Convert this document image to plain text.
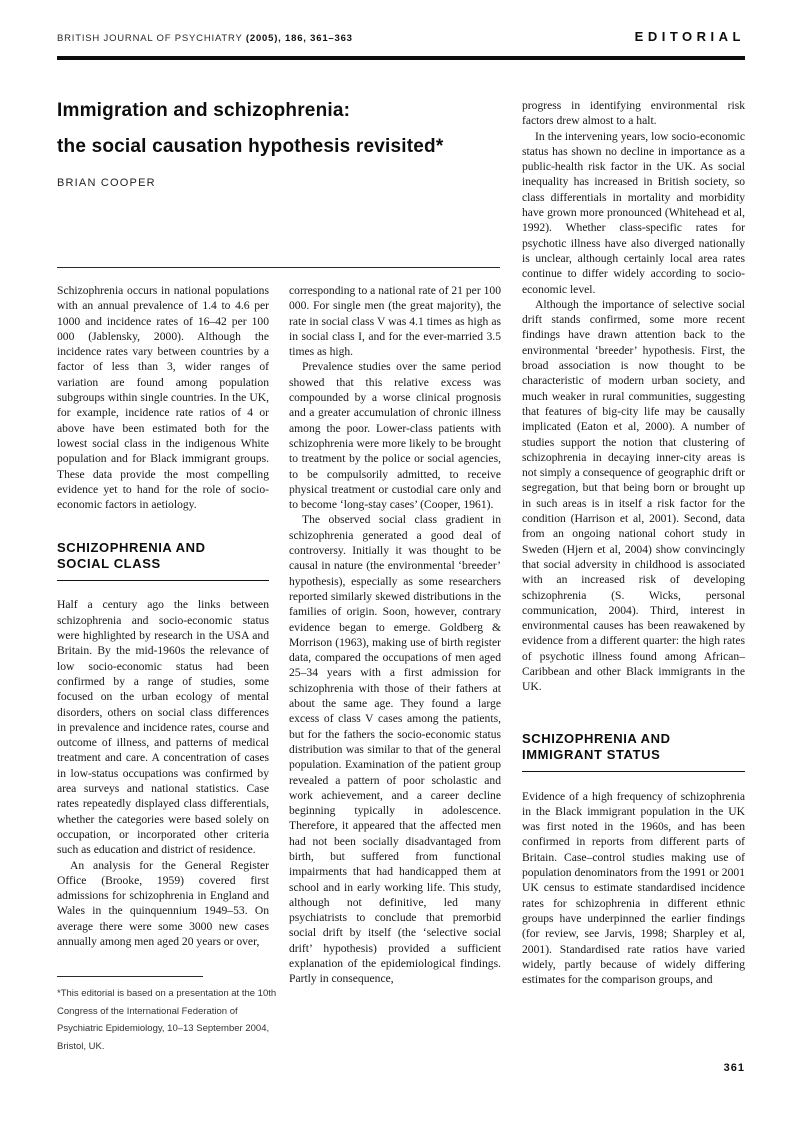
BRITISH JOURNAL OF PSYCHIATRY (2005), 186, 361–363	EDITORIAL
Immigration and schizophrenia:
the social causation hypothesis revisited*
BRIAN COOPER

Schizophrenia occurs in national populations with an annual prevalence of 1.4 to 4.6 per 1000 and incidence rates of 16–42 per 100 000 (Jablensky, 2000). Although the incidence rates vary between countries by a factor of less than 3, wider ranges of variation are found among population subgroups within single countries. In the UK, for example, incidence rate ratios of 4 or above have been estimated both for the lowest social class in the indigenous White population and for Black immigrant groups. These data provide the most compelling evidence yet to hand for the role of socio-economic factors in aetiology.

SCHIZOPHRENIA AND
SOCIAL CLASS

Half a century ago the links between schizophrenia and socio-economic status were highlighted by research in the USA and Britain. By the mid-1960s the relevance of low socio-economic status had been confirmed by a range of studies, some focused on the urban ecology of mental disorders, others on social class differences in prevalence and incidence rates, course and outcome of illness, and patterns of medical treatment and care. A concentration of cases in low-status occupations was confirmed by area surveys and national statistics. Case rates repeatedly displayed class differentials, whether the categories were based solely on occupation, or incorporated other criteria such as education and district of residence.

An analysis for the General Register Office (Brooke, 1959) covered first admissions for schizophrenia in England and Wales in the quinquennium 1949–53. On average there were some 3000 new cases annually among men aged 20 years or over,

corresponding to a national rate of 21 per 100 000. For single men (the great majority), the rate in social class V was 4.1 times as high as in social class I, and for the ever-married 3.5 times as high.

Prevalence studies over the same period showed that this relative excess was compounded by a worse clinical prognosis and a greater accumulation of chronic illness among the poor. Lower-class patients with schizophrenia were more likely to be brought to treatment by the police or social agencies, to be compulsorily admitted, to receive physical treatment or custodial care only and to become ‘long-stay cases’ (Cooper, 1961).

The observed social class gradient in schizophrenia generated a good deal of controversy. Initially it was thought to be causal in nature (the environmental ‘breeder’ hypothesis), especially as some researchers reported similarly skewed distributions in the families of origin. Soon, however, contrary evidence began to emerge. Goldberg & Morrison (1963), making use of birth register data, compared the occupations of men aged 25–34 years with a first admission for schizophrenia with those of their fathers at about the same age. They found a large excess of class V cases among the patients, but for the fathers the socio-economic status distribution was similar to that of the general population. Examination of the patient group revealed a pattern of poor scholastic and work achievement, and a career decline beginning typically in adolescence. Therefore, it appeared that the affected men had not been socially disadvantaged from birth, but suffered from functional impairments that had handicapped them at school and in early working life. This study, although not definitive, led many psychiatrists to conclude that premorbid social drift by itself (the ‘selective social drift’ hypothesis) provided a sufficient explanation of the epidemiological findings. Partly in consequence,

progress in identifying environmental risk factors drew almost to a halt.

In the intervening years, low socio-economic status has shown no decline in importance as a public-health risk factor in the UK. As social inequality has increased in British society, so class differentials in mortality and morbidity have grown more pronounced (Whitehead et al, 1992). Whether class-specific rates for psychotic illness have also diverged nationally is unclear, although certainly local area rates continue to differ widely according to socio-economic level.

Although the importance of selective social drift stands confirmed, some more recent findings have drawn attention back to the environmental ‘breeder’ hypothesis. First, the broad association is now thought to be characteristic of modern urban society, and much weaker in rural communities, suggesting that features of big-city life may be causally implicated (Eaton et al, 2000). A number of studies support the notion that clustering of schizophrenia in decaying inner-city areas is not simply a consequence of geographic drift or segregation, but that being born or brought up in such areas is in itself a risk factor for the condition (Harrison et al, 2001). Second, data from an ongoing national cohort study in Sweden (Hjern et al, 2004) show convincingly that social adversity in childhood is associated with an increased risk of developing schizophrenia (S. Wicks, personal communication, 2004). Third, interest in environmental causes has been reawakened by evidence from a different quarter: the high rates of psychotic illness found among African–Caribbean and other Black immigrants in the UK.

SCHIZOPHRENIA AND
IMMIGRANT STATUS

Evidence of a high frequency of schizophrenia in the Black immigrant population in the UK was first noted in the 1960s, and has been confirmed in reports from different parts of Britain. Case–control studies making use of population denominators from the 1991 or 2001 UK census to estimate standardised incidence rates for schizophrenia in different ethnic groups have underpinned the earlier findings (for review, see Jarvis, 1998; Sharpley et al, 2001). Standardised rate ratios have varied widely, partly because of widely differing estimates for the comparison groups, and

*This editorial is based on a presentation at the 10th Congress of the International Federation of Psychiatric Epidemiology, 10–13 September 2004, Bristol, UK.
361
